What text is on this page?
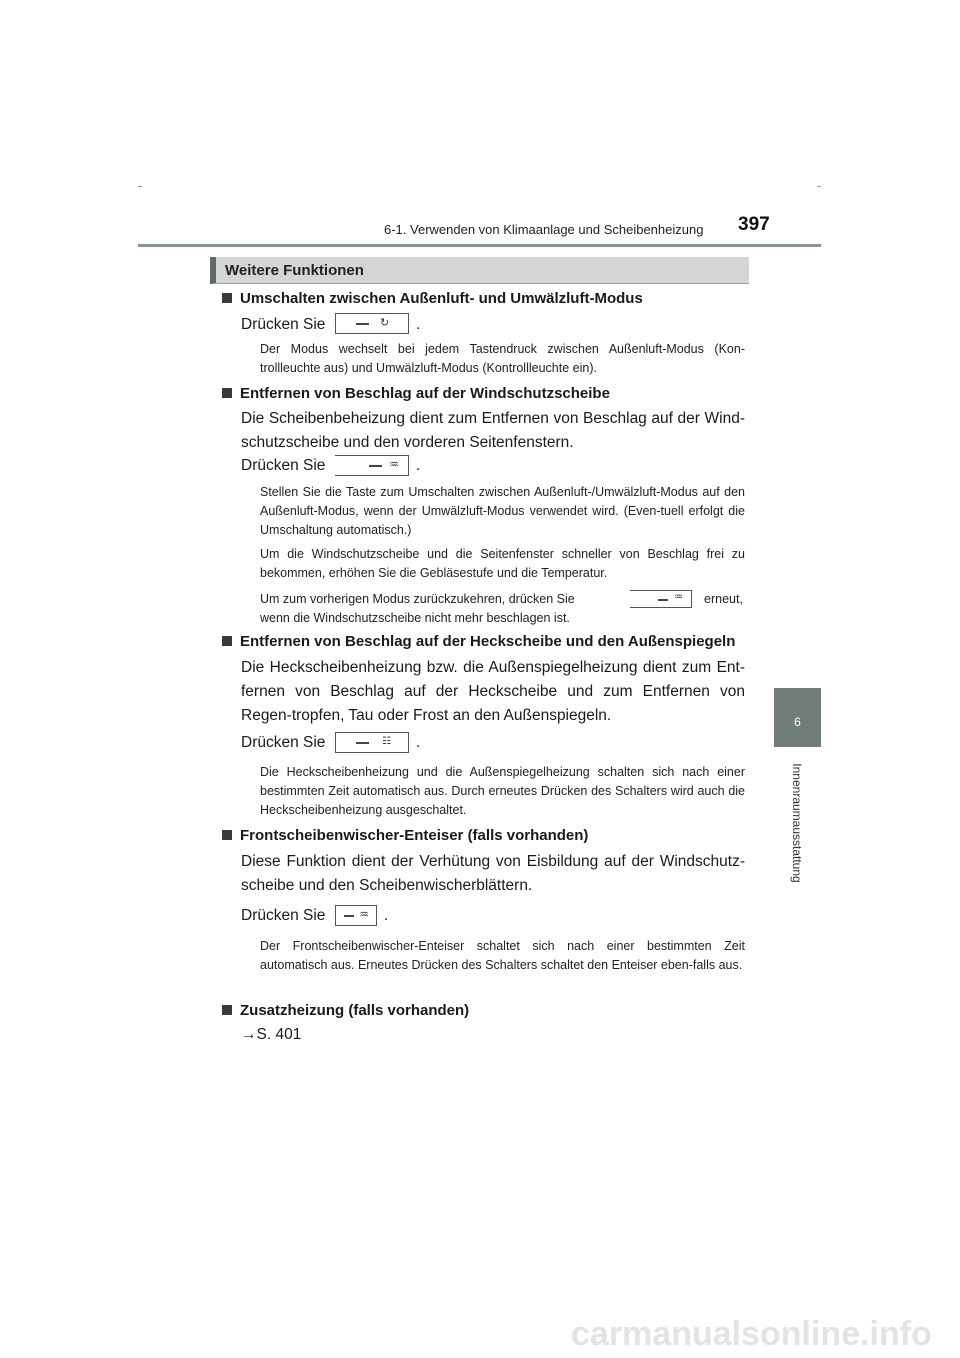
6-1. Verwenden von Klimaanlage und Scheibenheizung 397
6
Innenraumausstattung
Weitere Funktionen
Umschalten zwischen Außenluft- und Umwälzluft-Modus
Drücken Sie	↻ .
Der Modus wechselt bei jedem Tastendruck zwischen Außenluft-Modus (Kon-trollleuchte aus) und Umwälzluft-Modus (Kontrollleuchte ein).
Entfernen von Beschlag auf der Windschutzscheibe
Die Scheibenbeheizung dient zum Entfernen von Beschlag auf der Wind-schutzscheibe und den vorderen Seitenfenstern.
Drücken Sie	♒ .
Stellen Sie die Taste zum Umschalten zwischen Außenluft-/Umwälzluft-Modus auf den Außenluft-Modus, wenn der Umwälzluft-Modus verwendet wird. (Even-tuell erfolgt die Umschaltung automatisch.)
Um die Windschutzscheibe und die Seitenfenster schneller von Beschlag frei zu bekommen, erhöhen Sie die Gebläsestufe und die Temperatur.
Um zum vorherigen Modus zurückzukehren, drücken Sie	♒ erneut,
wenn die Windschutzscheibe nicht mehr beschlagen ist.
Entfernen von Beschlag auf der Heckscheibe und den Außenspiegeln
Die Heckscheibenheizung bzw. die Außenspiegelheizung dient zum Ent-fernen von Beschlag auf der Heckscheibe und zum Entfernen von Regen-tropfen, Tau oder Frost an den Außenspiegeln.
Drücken Sie	☷ .
Die Heckscheibenheizung und die Außenspiegelheizung schalten sich nach einer bestimmten Zeit automatisch aus. Durch erneutes Drücken des Schalters wird auch die Heckscheibenheizung ausgeschaltet.
Frontscheibenwischer-Enteiser (falls vorhanden)
Diese Funktion dient der Verhütung von Eisbildung auf der Windschutz-scheibe und den Scheibenwischerblättern.
Drücken Sie	♒ .
Der Frontscheibenwischer-Enteiser schaltet sich nach einer bestimmten Zeit automatisch aus. Erneutes Drücken des Schalters schaltet den Enteiser eben-falls aus.
Zusatzheizung (falls vorhanden)
→S. 401
carmanualsonline.info
